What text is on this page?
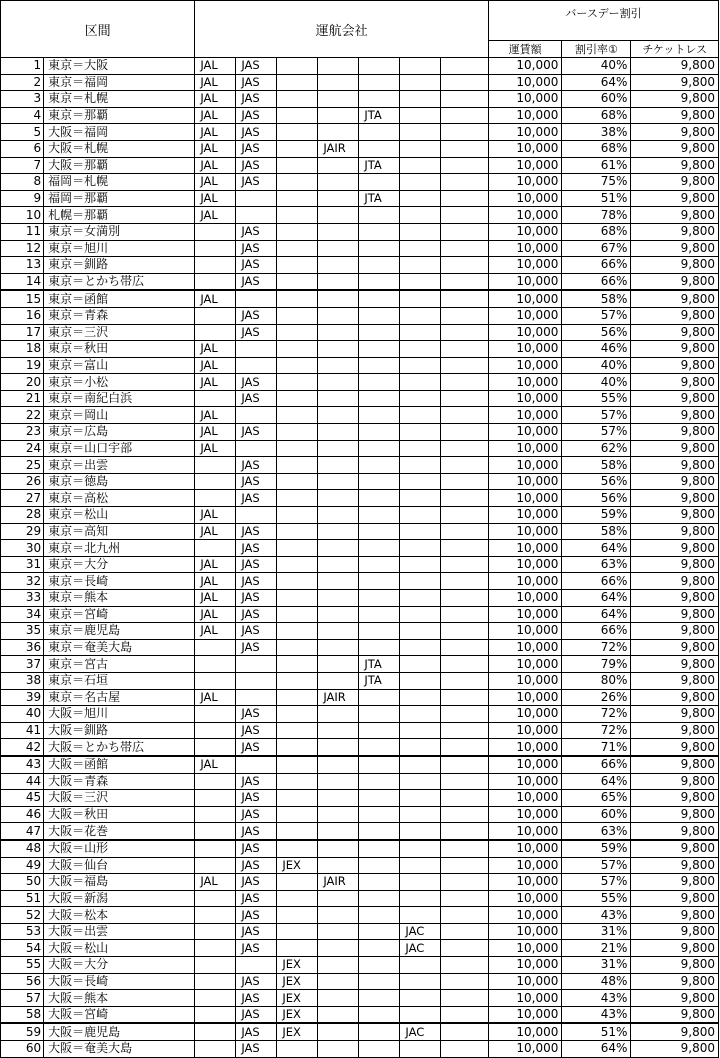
区間		運航会社							バースデー割引		
									運賃額	割引率①	チケットレス
1	東京＝大阪	JAL	JAS						10,000	40%	9,800
2	東京＝福岡	JAL	JAS						10,000	64%	9,800
3	東京＝札幌	JAL	JAS						10,000	60%	9,800
4	東京＝那覇	JAL	JAS			JTA			10,000	68%	9,800
5	大阪＝福岡	JAL	JAS						10,000	38%	9,800
6	大阪＝札幌	JAL	JAS		JAIR				10,000	68%	9,800
7	大阪＝那覇	JAL	JAS			JTA			10,000	61%	9,800
8	福岡＝札幌	JAL	JAS						10,000	75%	9,800
9	福岡＝那覇	JAL				JTA			10,000	51%	9,800
10	札幌＝那覇	JAL							10,000	78%	9,800
11	東京＝女満別		JAS						10,000	68%	9,800
12	東京＝旭川		JAS						10,000	67%	9,800
13	東京＝釧路		JAS						10,000	66%	9,800
14	東京＝とかち帯広		JAS						10,000	66%	9,800
15	東京＝函館	JAL							10,000	58%	9,800
16	東京＝青森		JAS						10,000	57%	9,800
17	東京＝三沢		JAS						10,000	56%	9,800
18	東京＝秋田	JAL							10,000	46%	9,800
19	東京＝富山	JAL							10,000	40%	9,800
20	東京＝小松	JAL	JAS						10,000	40%	9,800
21	東京＝南紀白浜		JAS						10,000	55%	9,800
22	東京＝岡山	JAL							10,000	57%	9,800
23	東京＝広島	JAL	JAS						10,000	57%	9,800
24	東京＝山口宇部	JAL							10,000	62%	9,800
25	東京＝出雲		JAS						10,000	58%	9,800
26	東京＝徳島		JAS						10,000	56%	9,800
27	東京＝高松		JAS						10,000	56%	9,800
28	東京＝松山	JAL							10,000	59%	9,800
29	東京＝高知	JAL	JAS						10,000	58%	9,800
30	東京＝北九州		JAS						10,000	64%	9,800
31	東京＝大分	JAL	JAS						10,000	63%	9,800
32	東京＝長崎	JAL	JAS						10,000	66%	9,800
33	東京＝熊本	JAL	JAS						10,000	64%	9,800
34	東京＝宮崎	JAL	JAS						10,000	64%	9,800
35	東京＝鹿児島	JAL	JAS						10,000	66%	9,800
36	東京＝奄美大島		JAS						10,000	72%	9,800
37	東京＝宮古					JTA			10,000	79%	9,800
38	東京＝石垣					JTA			10,000	80%	9,800
39	東京＝名古屋	JAL			JAIR				10,000	26%	9,800
40	大阪＝旭川		JAS						10,000	72%	9,800
41	大阪＝釧路		JAS						10,000	72%	9,800
42	大阪＝とかち帯広		JAS						10,000	71%	9,800
43	大阪＝函館	JAL							10,000	66%	9,800
44	大阪＝青森		JAS						10,000	64%	9,800
45	大阪＝三沢		JAS						10,000	65%	9,800
46	大阪＝秋田		JAS						10,000	60%	9,800
47	大阪＝花巻		JAS						10,000	63%	9,800
48	大阪＝山形		JAS						10,000	59%	9,800
49	大阪＝仙台		JAS	JEX					10,000	57%	9,800
50	大阪＝福島	JAL	JAS		JAIR				10,000	57%	9,800
51	大阪＝新潟		JAS						10,000	55%	9,800
52	大阪＝松本		JAS						10,000	43%	9,800
53	大阪＝出雲		JAS				JAC		10,000	31%	9,800
54	大阪＝松山		JAS				JAC		10,000	21%	9,800
55	大阪＝大分			JEX					10,000	31%	9,800
56	大阪＝長崎		JAS	JEX					10,000	48%	9,800
57	大阪＝熊本		JAS	JEX					10,000	43%	9,800
58	大阪＝宮崎		JAS	JEX					10,000	43%	9,800
59	大阪＝鹿児島		JAS	JEX			JAC		10,000	51%	9,800
60	大阪＝奄美大島		JAS						10,000	64%	9,800
